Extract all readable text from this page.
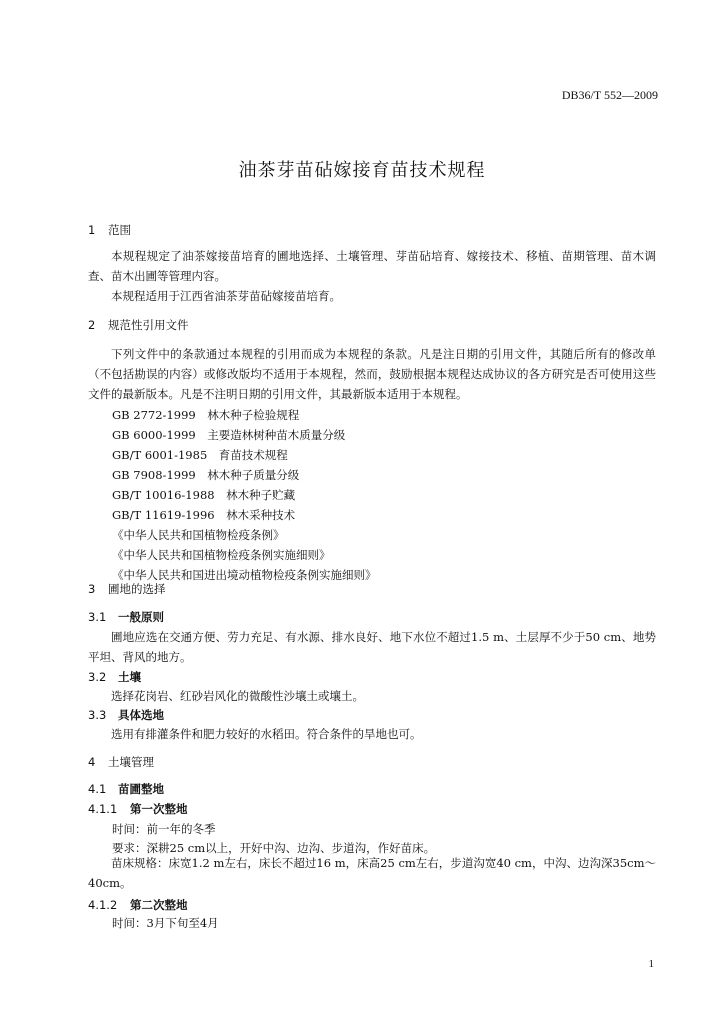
DB36/T 552—2009
油茶芽苗砧嫁接育苗技术规程
1 范围
本规程规定了油茶嫁接苗培育的圃地选择、土壤管理、芽苗砧培育、嫁接技术、移植、苗期管理、苗木调查、苗木出圃等管理内容。
本规程适用于江西省油茶芽苗砧嫁接苗培育。
2 规范性引用文件
下列文件中的条款通过本规程的引用而成为本规程的条款。凡是注日期的引用文件，其随后所有的修改单（不包括勘误的内容）或修改版均不适用于本规程，然而，鼓励根据本规程达成协议的各方研究是否可使用这些文件的最新版本。凡是不注明日期的引用文件，其最新版本适用于本规程。
GB 2772-1999　林木种子检验规程
GB 6000-1999　主要造林树种苗木质量分级
GB/T 6001-1985　育苗技术规程
GB 7908-1999　林木种子质量分级
GB/T 10016-1988　林木种子贮藏
GB/T 11619-1996　林木采种技术
《中华人民共和国植物检疫条例》
《中华人民共和国植物检疫条例实施细则》
《中华人民共和国进出境动植物检疫条例实施细则》
3 圃地的选择
3.1 一般原则
圃地应选在交通方便、劳力充足、有水源、排水良好、地下水位不超过1.5 m、土层厚不少于50 cm、地势平坦、背风的地方。
3.2 土壤
选择花岗岩、红砂岩风化的微酸性沙壤土或壤土。
3.3 具体选地
选用有排灌条件和肥力较好的水稻田。符合条件的旱地也可。
4 土壤管理
4.1 苗圃整地
4.1.1 第一次整地
时间：前一年的冬季
要求：深耕25 cm以上，开好中沟、边沟、步道沟，作好苗床。
苗床规格：床宽1.2 m左右，床长不超过16 m，床高25 cm左右，步道沟宽40 cm，中沟、边沟深35cm～40cm。
4.1.2 第二次整地
时间：3月下旬至4月
1
